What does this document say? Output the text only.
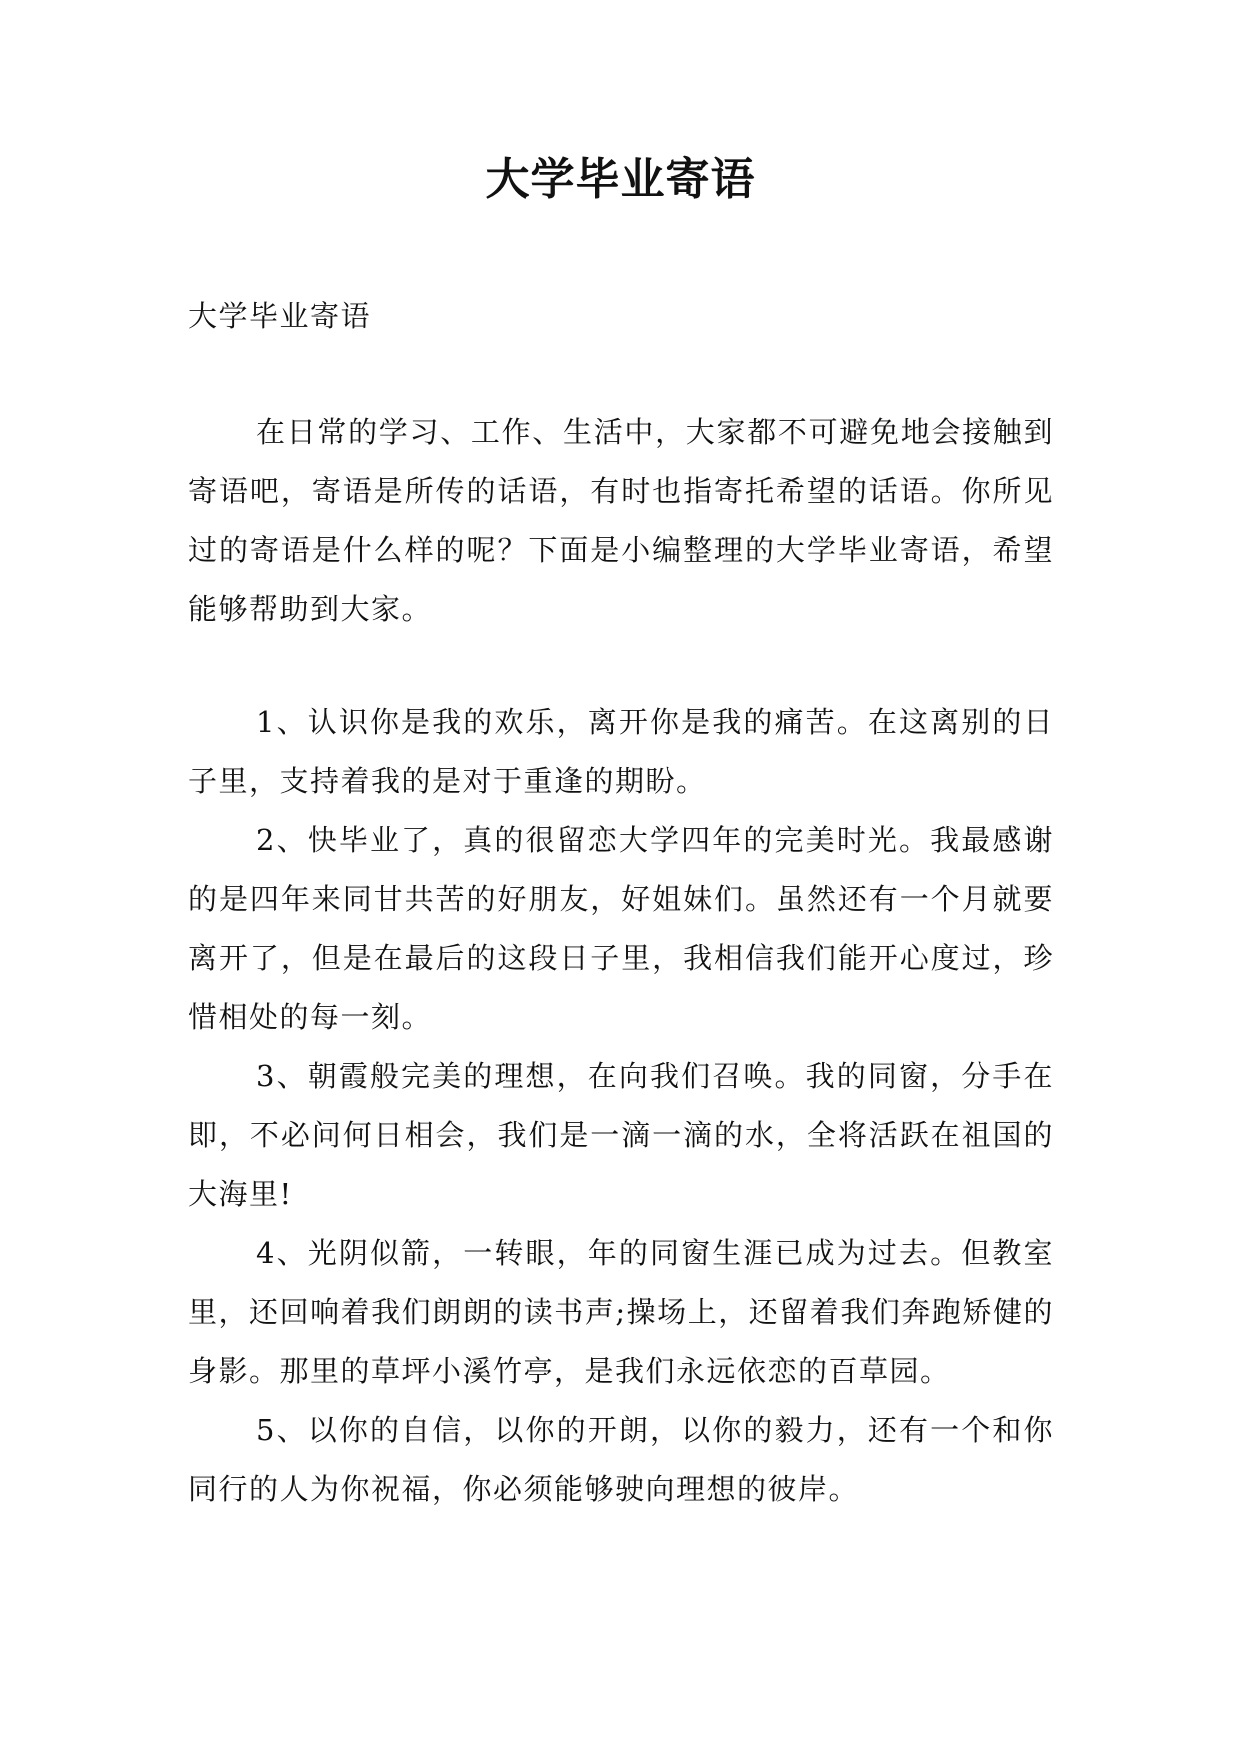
大学毕业寄语

大学毕业寄语

在日常的学习、工作、生活中，大家都不可避免地会接触到寄语吧，寄语是所传的话语，有时也指寄托希望的话语。你所见过的寄语是什么样的呢？下面是小编整理的大学毕业寄语，希望能够帮助到大家。

1、认识你是我的欢乐，离开你是我的痛苦。在这离别的日子里，支持着我的是对于重逢的期盼。

2、快毕业了，真的很留恋大学四年的完美时光。我最感谢的是四年来同甘共苦的好朋友，好姐妹们。虽然还有一个月就要离开了，但是在最后的这段日子里，我相信我们能开心度过，珍惜相处的每一刻。

3、朝霞般完美的理想，在向我们召唤。我的同窗，分手在即，不必问何日相会，我们是一滴一滴的水，全将活跃在祖国的大海里!

4、光阴似箭，一转眼，年的同窗生涯已成为过去。但教室里，还回响着我们朗朗的读书声;操场上，还留着我们奔跑矫健的身影。那里的草坪小溪竹亭，是我们永远依恋的百草园。

5、以你的自信，以你的开朗，以你的毅力，还有一个和你同行的人为你祝福，你必须能够驶向理想的彼岸。
